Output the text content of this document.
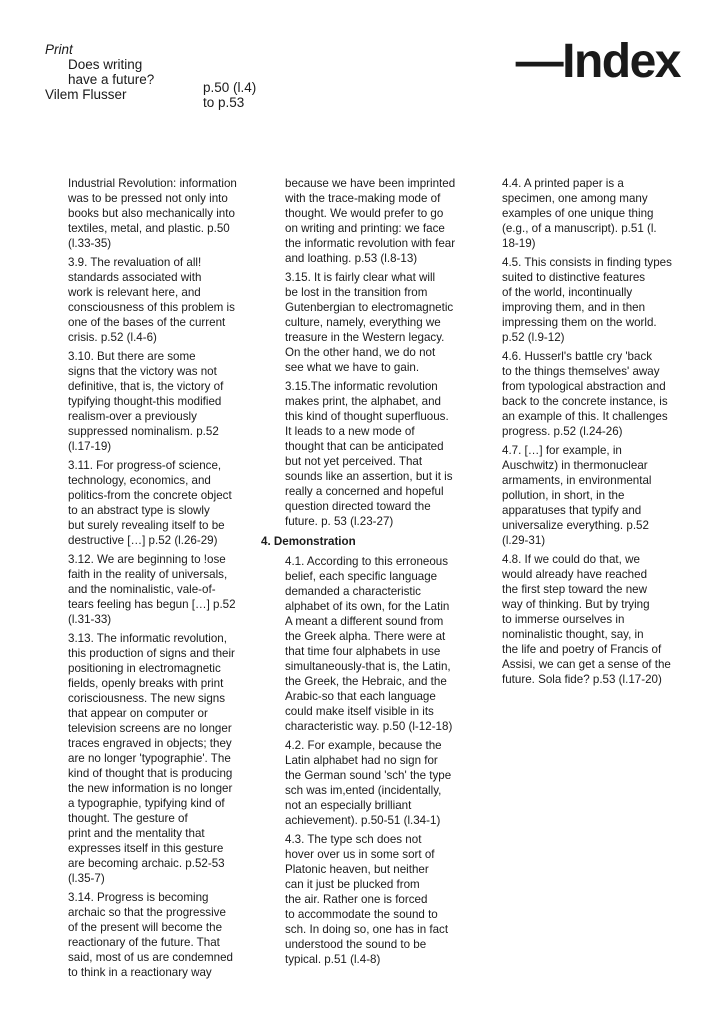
Print

Does writing
have a future?

Vilem Flusser	p.50 (l.4)
to p.53

—Index

Industrial Revolution: information
was to be pressed not only into
books but also mechanically into
textiles, metal, and plastic. p.50
(l.33-35)

3.9. The revaluation of all!
standards associated with
work is relevant here, and
consciousness of this problem is
one of the bases of the current
crisis. p.52 (l.4-6)

3.10. But there are some
signs that the victory was not
definitive, that is, the victory of
typifying thought-this modified
realism-over a previously
suppressed nominalism. p.52
(l.17-19)

3.11. For progress-of science,
technology, economics, and
politics-from the concrete object
to an abstract type is slowly
but surely revealing itself to be
destructive […] p.52 (l.26-29)

3.12. We are beginning to !ose
faith in the reality of universals,
and the nominalistic, vale-of-
tears feeling has begun […] p.52
(l.31-33)

3.13. The informatic revolution,
this production of signs and their
positioning in electromagnetic
fields, openly breaks with print
corisciousness. The new signs
that appear on computer or
television screens are no longer
traces engraved in objects; they
are no longer 'typographie'. The
kind of thought that is producing
the new information is no longer
a typographie, typifying kind of
thought. The gesture of
print and the mentality that
expresses itself in this gesture
are becoming archaic. p.52-53
(l.35-7)

3.14. Progress is becoming
archaic so that the progressive
of the present will become the
reactionary of the future. That
said, most of us are condemned
to think in a reactionary way

because we have been imprinted
with the trace-making mode of
thought. We would prefer to go
on writing and printing: we face
the informatic revolution with fear
and loathing. p.53 (l.8-13)

3.15. It is fairly clear what will
be lost in the transition from
Gutenbergian to electromagnetic
culture, namely, everything we
treasure in the Western legacy.
On the other hand, we do not
see what we have to gain.

3.15.The informatic revolution
makes print, the alphabet, and
this kind of thought superfluous.
It leads to a new mode of
thought that can be anticipated
but not yet perceived. That
sounds like an assertion, but it is
really a concerned and hopeful
question directed toward the
future. p. 53 (l.23-27)

4. Demonstration

4.1. According to this erroneous
belief, each specific language
demanded a characteristic
alphabet of its own, for the Latin
A meant a different sound from
the Greek alpha. There were at
that time four alphabets in use
simultaneously-that is, the Latin,
the Greek, the Hebraic, and the
Arabic-so that each language
could make itself visible in its
characteristic way. p.50 (l-12-18)

4.2. For example, because the
Latin alphabet had no sign for
the German sound 'sch' the type
sch was im,ented (incidentally,
not an especially brilliant
achievement). p.50-51 (l.34-1)

4.3. The type sch does not
hover over us in some sort of
Platonic heaven, but neither
can it just be plucked from
the air. Rather one is forced
to accommodate the sound to
sch. In doing so, one has in fact
understood the sound to be
typical. p.51 (l.4-8)

4.4. A printed paper is a
specimen, one among many
examples of one unique thing
(e.g., of a manuscript). p.51 (l.
18-19)

4.5. This consists in finding types
suited to distinctive features
of the world, incontinually
improving them, and in then
impressing them on the world.
p.52 (l.9-12)

4.6. Husserl's battle cry 'back
to the things themselves' away
from typological abstraction and
back to the concrete instance, is
an example of this. It challenges
progress. p.52 (l.24-26)

4.7. […] for example, in
Auschwitz) in thermonuclear
armaments, in environmental
pollution, in short, in the
apparatuses that typify and
universalize everything. p.52
(l.29-31)

4.8. If we could do that, we
would already have reached
the first step toward the new
way of thinking. But by trying
to immerse ourselves in
nominalistic thought, say, in
the life and poetry of Francis of
Assisi, we can get a sense of the
future. Sola fide? p.53 (l.17-20)
